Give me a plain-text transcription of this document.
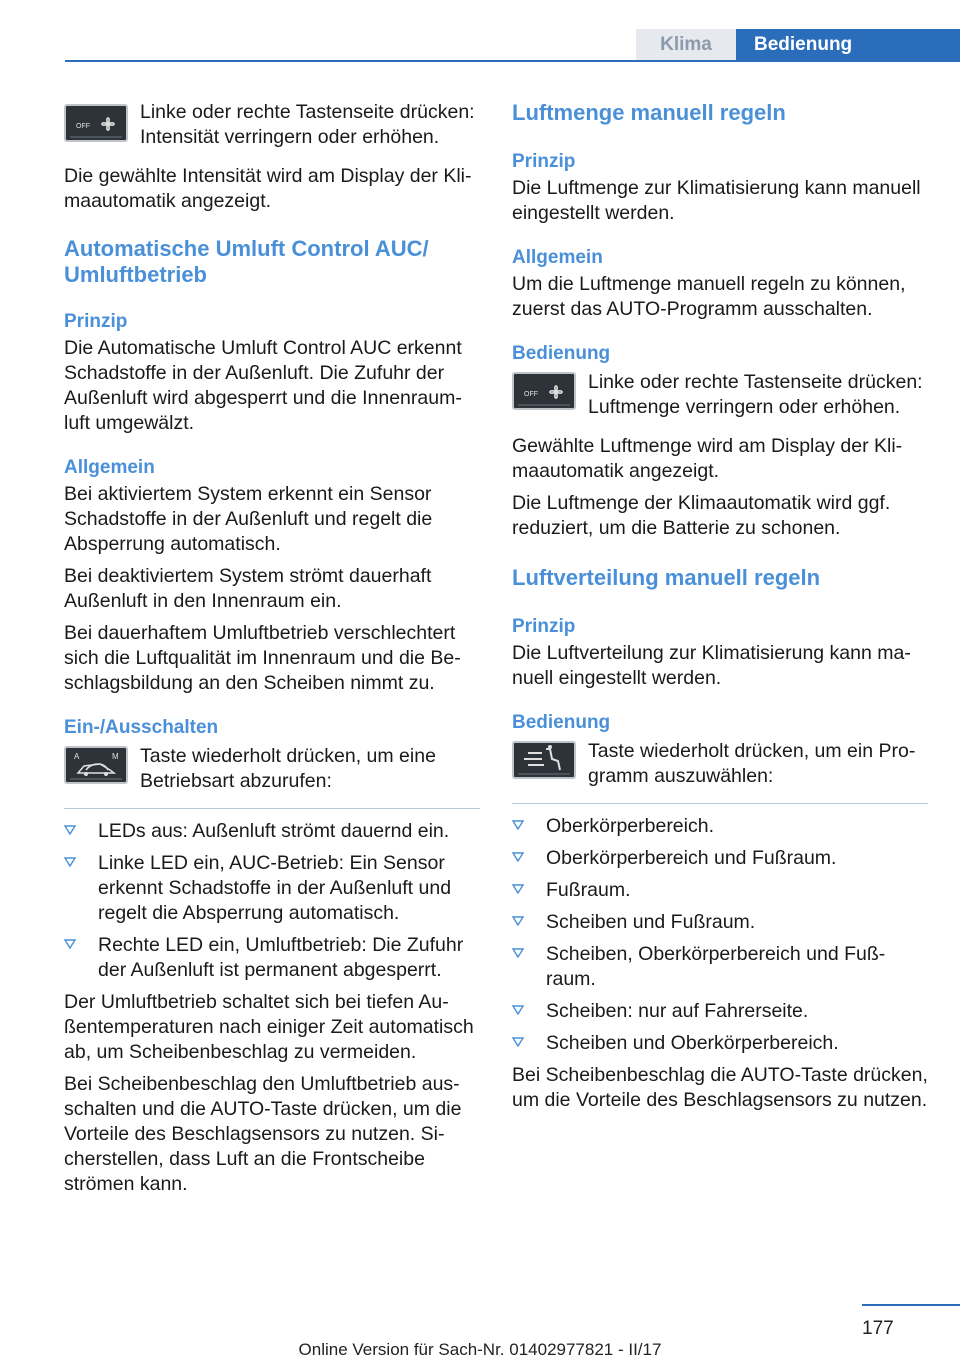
Klima	Bedienung
OFF

Linke oder rechte Tastenseite drücken: Intensität verringern oder erhöhen.

Die gewählte Intensität wird am Display der Klimaautomatik angezeigt.

Automatische Umluft Control AUC/ Umluftbetrieb

Prinzip

Die Automatische Umluft Control AUC erkennt Schadstoffe in der Außenluft. Die Zufuhr der Außenluft wird abgesperrt und die Innenraumluft umgewälzt.

Allgemein

Bei aktiviertem System erkennt ein Sensor Schadstoffe in der Außenluft und regelt die Absperrung automatisch.

Bei deaktiviertem System strömt dauerhaft Außenluft in den Innenraum ein.

Bei dauerhaftem Umluftbetrieb verschlechtert sich die Luftqualität im Innenraum und die Beschlagsbildung an den Scheiben nimmt zu.

Ein-/Ausschalten

A	M	Taste wiederholt drücken, um eine Betriebsart abzurufen:

LEDs aus: Außenluft strömt dauernd ein.
Linke LED ein, AUC-Betrieb: Ein Sensor erkennt Schadstoffe in der Außenluft und regelt die Absperrung automatisch.
Rechte LED ein, Umluftbetrieb: Die Zufuhr der Außenluft ist permanent abgesperrt.

Der Umluftbetrieb schaltet sich bei tiefen Außentemperaturen nach einiger Zeit automatisch ab, um Scheibenbeschlag zu vermeiden.

Bei Scheibenbeschlag den Umluftbetrieb ausschalten und die AUTO-Taste drücken, um die Vorteile des Beschlagsensors zu nutzen. Sicherstellen, dass Luft an die Frontscheibe strömen kann.

Luftmenge manuell regeln

Prinzip

Die Luftmenge zur Klimatisierung kann manuell eingestellt werden.

Allgemein

Um die Luftmenge manuell regeln zu können, zuerst das AUTO-Programm ausschalten.

Bedienung

OFF

Linke oder rechte Tastenseite drücken: Luftmenge verringern oder erhöhen.

Gewählte Luftmenge wird am Display der Klimaautomatik angezeigt.

Die Luftmenge der Klimaautomatik wird ggf. reduziert, um die Batterie zu schonen.

Luftverteilung manuell regeln

Prinzip

Die Luftverteilung zur Klimatisierung kann manuell eingestellt werden.

Bedienung

Taste wiederholt drücken, um ein Programm auszuwählen:

Oberkörperbereich.
Oberkörperbereich und Fußraum.
Fußraum.
Scheiben und Fußraum.
Scheiben, Oberkörperbereich und Fußraum.
Scheiben: nur auf Fahrerseite.
Scheiben und Oberkörperbereich.

Bei Scheibenbeschlag die AUTO-Taste drücken, um die Vorteile des Beschlagsensors zu nutzen.

177
Online Version für Sach-Nr. 01402977821 - II/17
